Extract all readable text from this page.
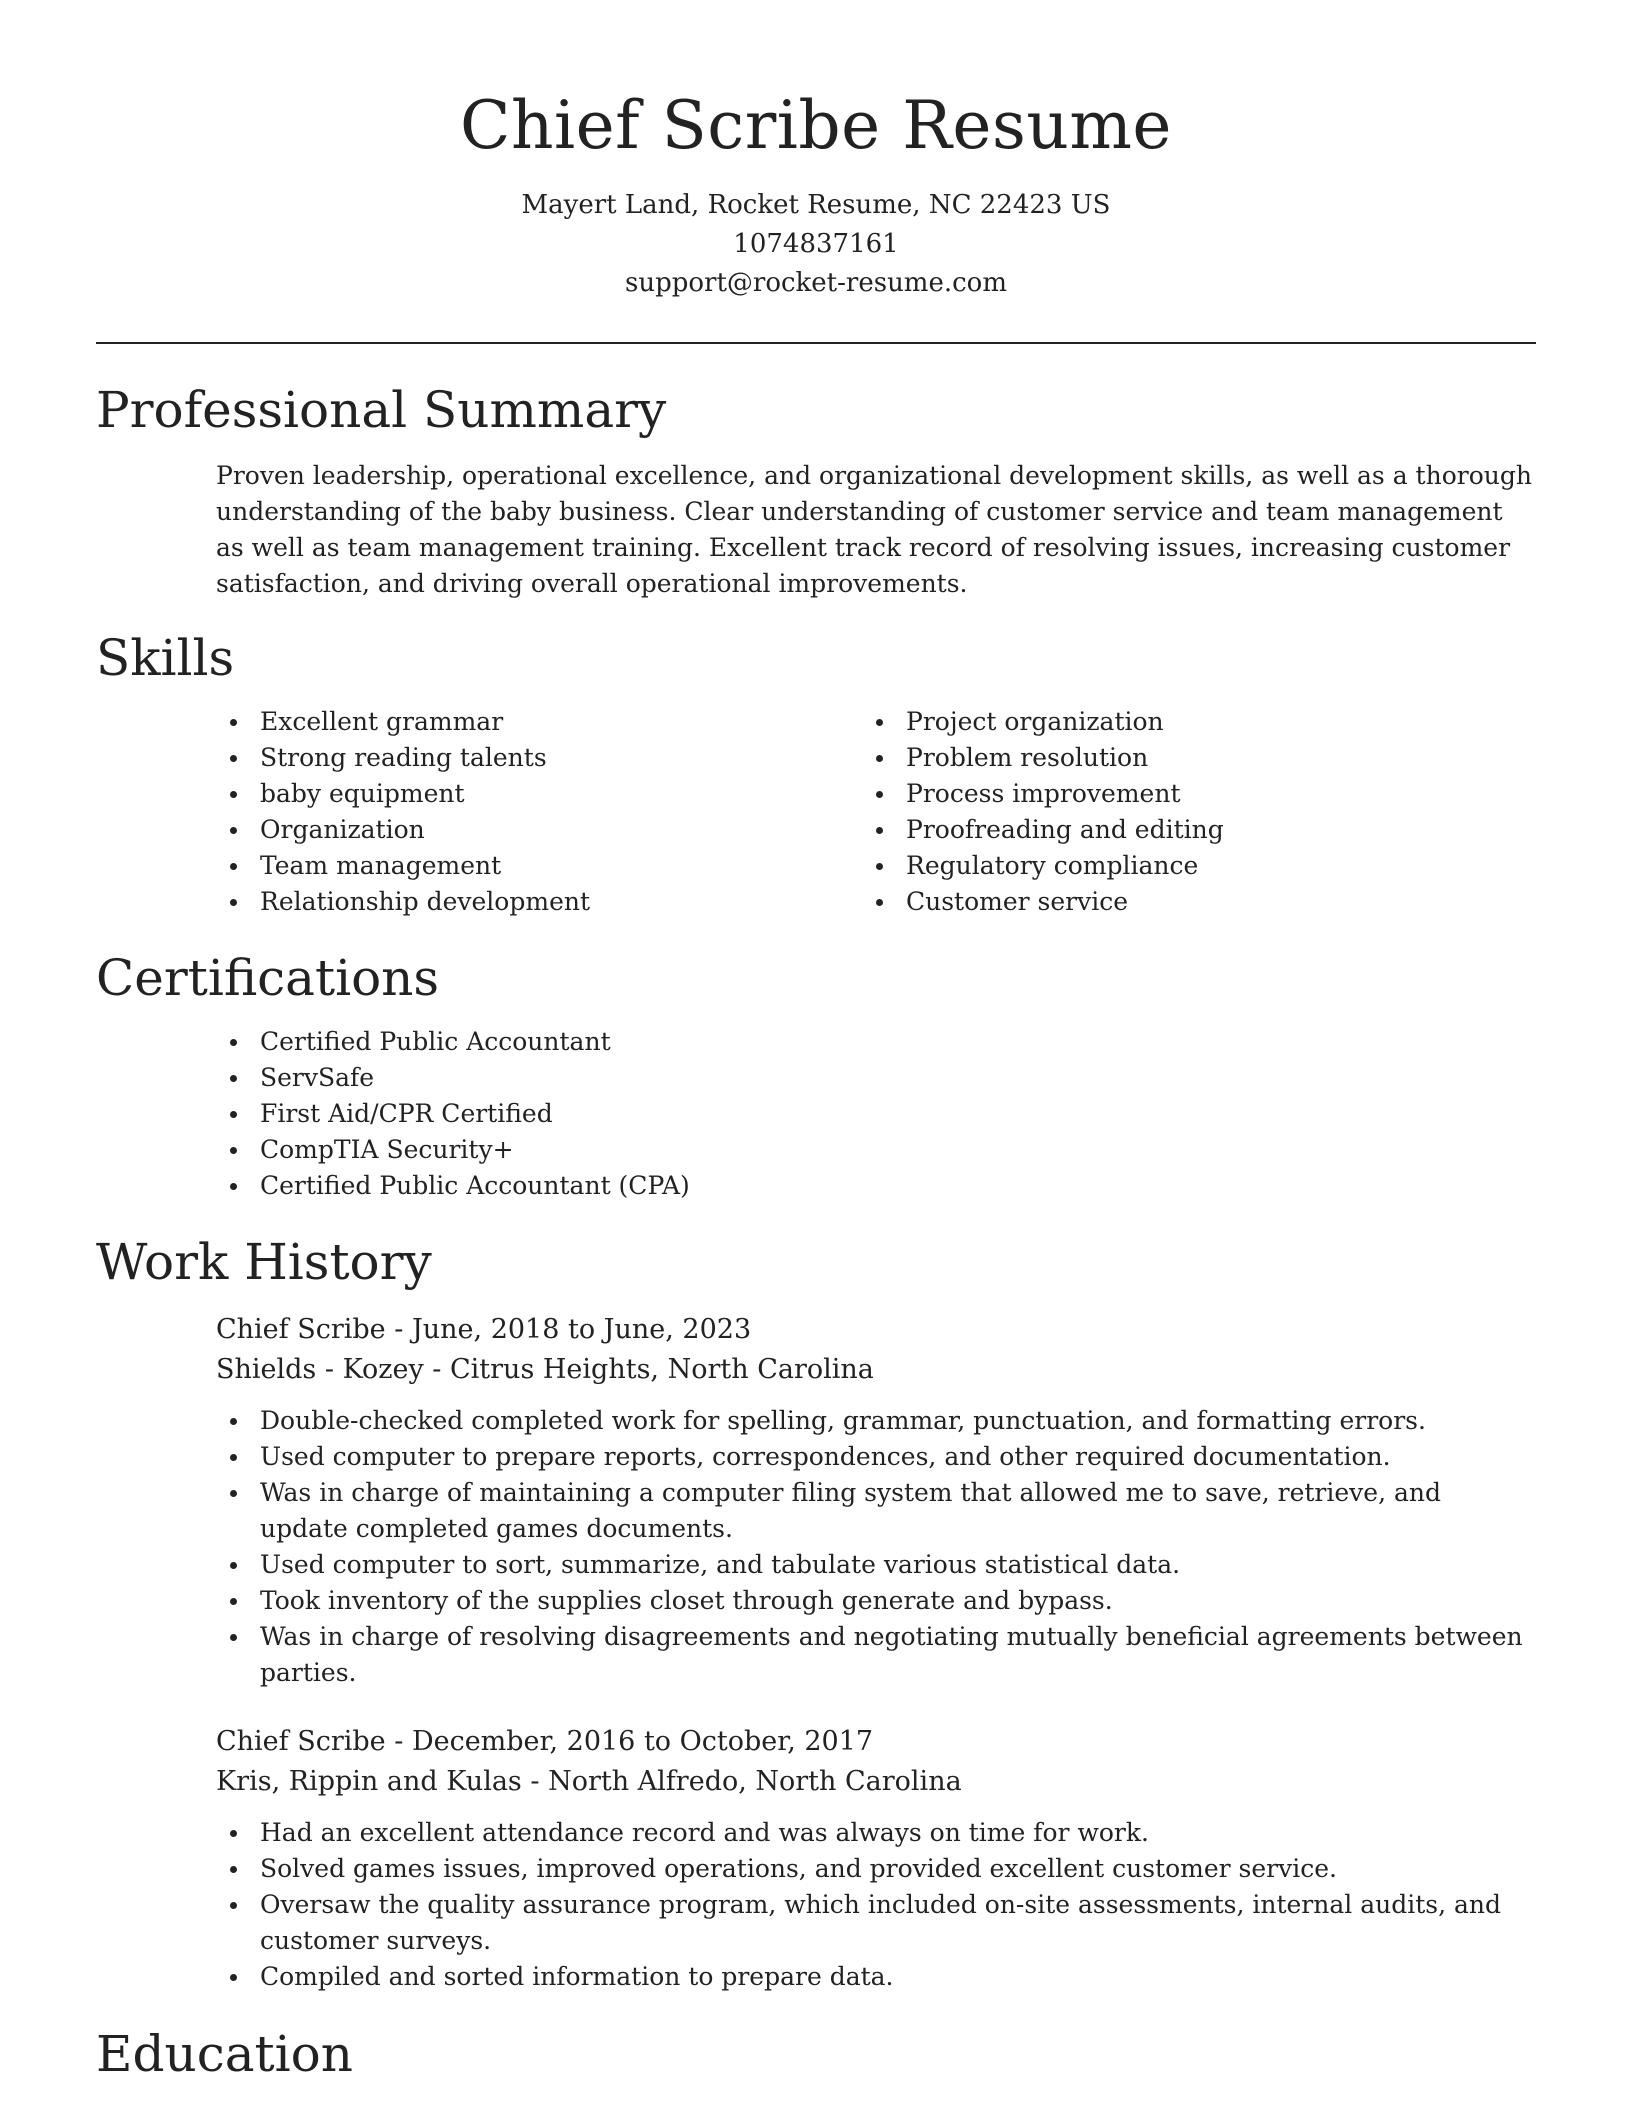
Chief Scribe Resume
Mayert Land, Rocket Resume, NC 22423 US
1074837161
support@rocket-resume.com
Professional Summary

Proven leadership, operational excellence, and organizational development skills, as well as a thorough understanding of the baby business. Clear understanding of customer service and team management as well as team management training. Excellent track record of resolving issues, increasing customer satisfaction, and driving overall operational improvements.

Skills
Excellent grammar
Strong reading talents
baby equipment
Organization
Team management
Relationship development
Project organization
Problem resolution
Process improvement
Proofreading and editing
Regulatory compliance
Customer service
Certifications
Certified Public Accountant
ServSafe
First Aid/CPR Certified
CompTIA Security+
Certified Public Accountant (CPA)
Work History
Chief Scribe - June, 2018 to June, 2023
Shields - Kozey - Citrus Heights, North Carolina
Double-checked completed work for spelling, grammar, punctuation, and formatting errors.
Used computer to prepare reports, correspondences, and other required documentation.
Was in charge of maintaining a computer filing system that allowed me to save, retrieve, and update completed games documents.
Used computer to sort, summarize, and tabulate various statistical data.
Took inventory of the supplies closet through generate and bypass.
Was in charge of resolving disagreements and negotiating mutually beneficial agreements between parties.
Chief Scribe - December, 2016 to October, 2017
Kris, Rippin and Kulas - North Alfredo, North Carolina
Had an excellent attendance record and was always on time for work.
Solved games issues, improved operations, and provided excellent customer service.
Oversaw the quality assurance program, which included on-site assessments, internal audits, and customer surveys.
Compiled and sorted information to prepare data.
Education
